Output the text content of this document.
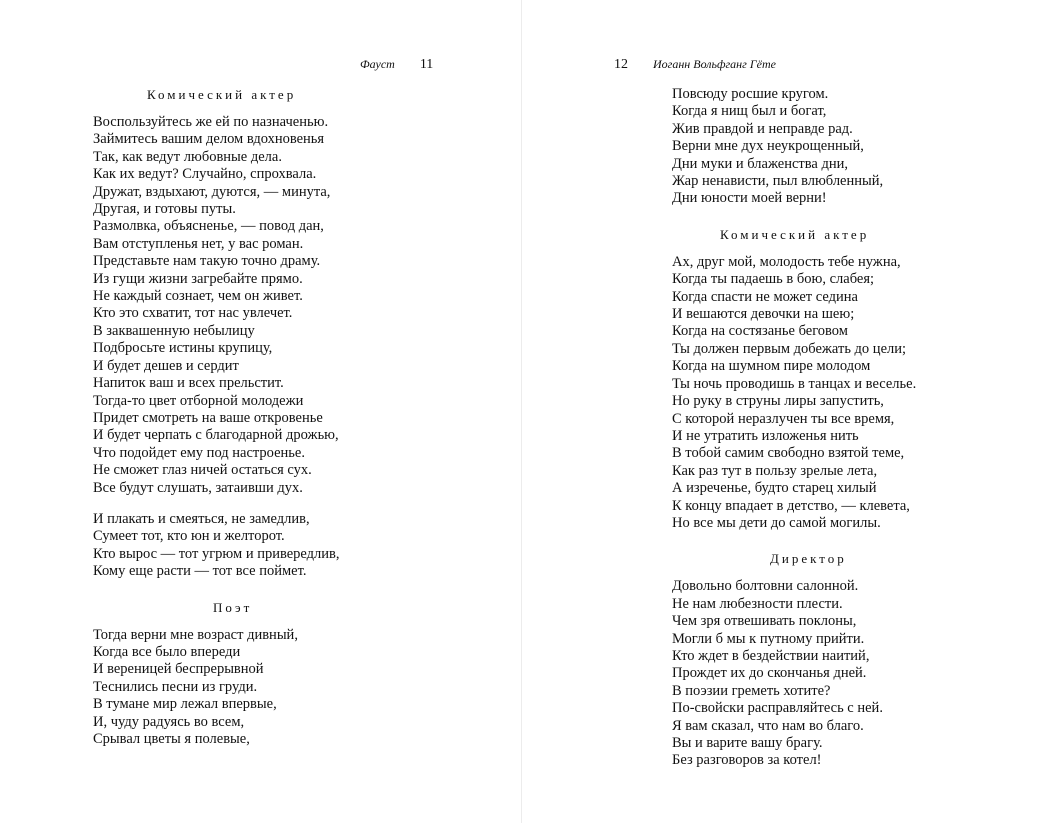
Фауст 11
Комический актер
Воспользуйтесь же ей по назначенью.
Займитесь вашим делом вдохновенья
Так, как ведут любовные дела.
Как их ведут? Случайно, спрохвала.
Дружат, вздыхают, дуются, — минута,
Другая, и готовы путы.
Размолвка, объясненье, — повод дан,
Вам отступленья нет, у вас роман.
Представьте нам такую точно драму.
Из гущи жизни загребайте прямо.
Не каждый сознает, чем он живет.
Кто это схватит, тот нас увлечет.
В заквашенную небылицу
Подбросьте истины крупицу,
И будет дешев и сердит
Напиток ваш и всех прельстит.
Тогда-то цвет отборной молодежи
Придет смотреть на ваше откровенье
И будет черпать с благодарной дрожью,
Что подойдет ему под настроенье.
Не сможет глаз ничей остаться сух.
Все будут слушать, затаивши дух.
И плакать и смеяться, не замедлив,
Сумеет тот, кто юн и желторот.
Кто вырос — тот угрюм и привередлив,
Кому еще расти — тот все поймет.
Поэт
Тогда верни мне возраст дивный,
Когда все было впереди
И вереницей беспрерывной
Теснились песни из груди.
В тумане мир лежал впервые,
И, чуду радуясь во всем,
Срывал цветы я полевые,
12 Иоганн Вольфганг Гёте
Повсюду росшие кругом.
Когда я нищ был и богат,
Жив правдой и неправде рад.
Верни мне дух неукрощенный,
Дни муки и блаженства дни,
Жар ненависти, пыл влюбленный,
Дни юности моей верни!
Комический актер
Ах, друг мой, молодость тебе нужна,
Когда ты падаешь в бою, слабея;
Когда спасти не может седина
И вешаются девочки на шею;
Когда на состязанье беговом
Ты должен первым добежать до цели;
Когда на шумном пире молодом
Ты ночь проводишь в танцах и веселье.
Но руку в струны лиры запустить,
С которой неразлучен ты все время,
И не утратить изложенья нить
В тобой самим свободно взятой теме,
Как раз тут в пользу зрелые лета,
А изреченье, будто старец хилый
К концу впадает в детство, — клевета,
Но все мы дети до самой могилы.
Директор
Довольно болтовни салонной.
Не нам любезности плести.
Чем зря отвешивать поклоны,
Могли б мы к путному прийти.
Кто ждет в бездействии наитий,
Прождет их до скончанья дней.
В поэзии греметь хотите?
По-свойски расправляйтесь с ней.
Я вам сказал, что нам во благо.
Вы и варите вашу брагу.
Без разговоров за котел!
